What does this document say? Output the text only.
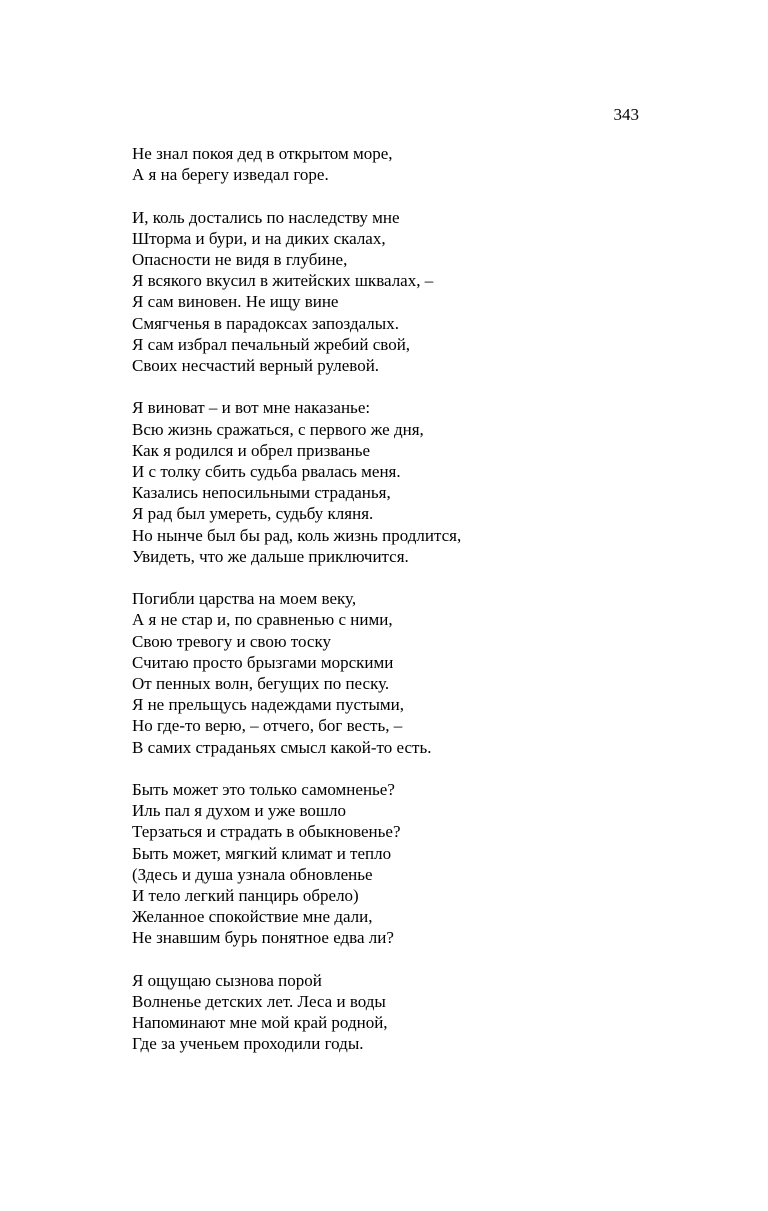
343
Не знал покоя дед в открытом море,
А я на берегу изведал горе.
И, коль достались по наследству мне
Шторма и бури, и на диких скалах,
Опасности не видя в глубине,
Я всякого вкусил в житейских шквалах, –
Я сам виновен. Не ищу вине
Смягченья в парадоксах запоздалых.
Я сам избрал печальный жребий свой,
Своих несчастий верный рулевой.
Я виноват – и вот мне наказанье:
Всю жизнь сражаться, с первого же дня,
Как я родился и обрел призванье
И с толку сбить судьба рвалась меня.
Казались непосильными страданья,
Я рад был умереть, судьбу кляня.
Но нынче был бы рад, коль жизнь продлится,
Увидеть, что же дальше приключится.
Погибли царства на моем веку,
А я не стар и, по сравненью с ними,
Свою тревогу и свою тоску
Считаю просто брызгами морскими
От пенных волн, бегущих по песку.
Я не прельщусь надеждами пустыми,
Но где-то верю, – отчего, бог весть, –
В самих страданьях смысл какой-то есть.
Быть может это только самомненье?
Иль пал я духом и уже вошло
Терзаться и страдать в обыкновенье?
Быть может, мягкий климат и тепло
(Здесь и душа узнала обновленье
И тело легкий панцирь обрело)
Желанное спокойствие мне дали,
Не знавшим бурь понятное едва ли?
Я ощущаю сызнова порой
Волненье детских лет. Леса и воды
Напоминают мне мой край родной,
Где за ученьем проходили годы.
